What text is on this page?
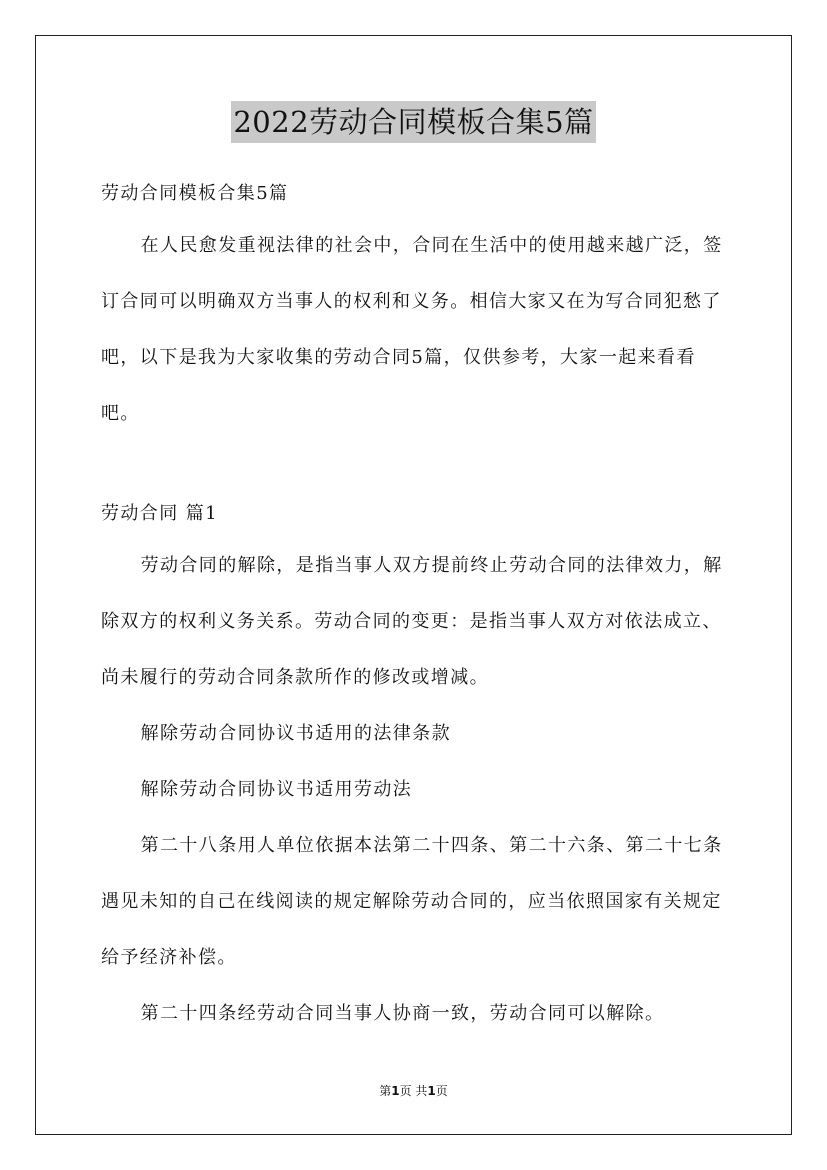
2022劳动合同模板合集5篇

劳动合同模板合集5篇

在人民愈发重视法律的社会中，合同在生活中的使用越来越广泛，签订合同可以明确双方当事人的权利和义务。相信大家又在为写合同犯愁了吧，以下是我为大家收集的劳动合同5篇，仅供参考，大家一起来看看吧。

劳动合同 篇1

劳动合同的解除，是指当事人双方提前终止劳动合同的法律效力，解除双方的权利义务关系。劳动合同的变更：是指当事人双方对依法成立、尚未履行的劳动合同条款所作的修改或增减。

解除劳动合同协议书适用的法律条款

解除劳动合同协议书适用劳动法

第二十八条用人单位依据本法第二十四条、第二十六条、第二十七条遇见未知的自己在线阅读的规定解除劳动合同的，应当依照国家有关规定给予经济补偿。

第二十四条经劳动合同当事人协商一致，劳动合同可以解除。

第1页 共1页
